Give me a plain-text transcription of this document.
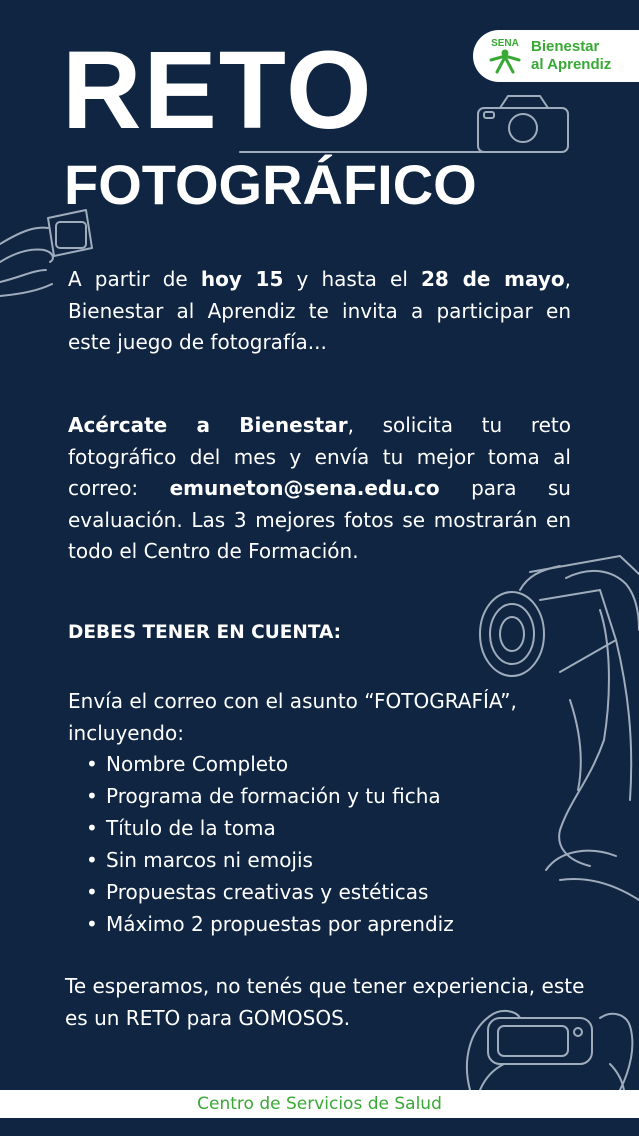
SENA Bienestar
al Aprendiz
RETO
FOTOGRÁFICO
A partir de hoy 15 y hasta el 28 de mayo, Bienestar al Aprendiz te invita a participar en este juego de fotografía...
Acércate a Bienestar, solicita tu reto fotográfico del mes y envía tu mejor toma al correo: emuneton@sena.edu.co para su evaluación. Las 3 mejores fotos se mostrarán en todo el Centro de Formación.
DEBES TENER EN CUENTA:
Envía el correo con el asunto “FOTOGRAFÍA”, incluyendo:
• Nombre Completo
• Programa de formación y tu ficha
• Título de la toma
• Sin marcos ni emojis
• Propuestas creativas y estéticas
• Máximo 2 propuestas por aprendiz
Te esperamos, no tenés que tener experiencia, este es un RETO para GOMOSOS.
Centro de Servicios de Salud
